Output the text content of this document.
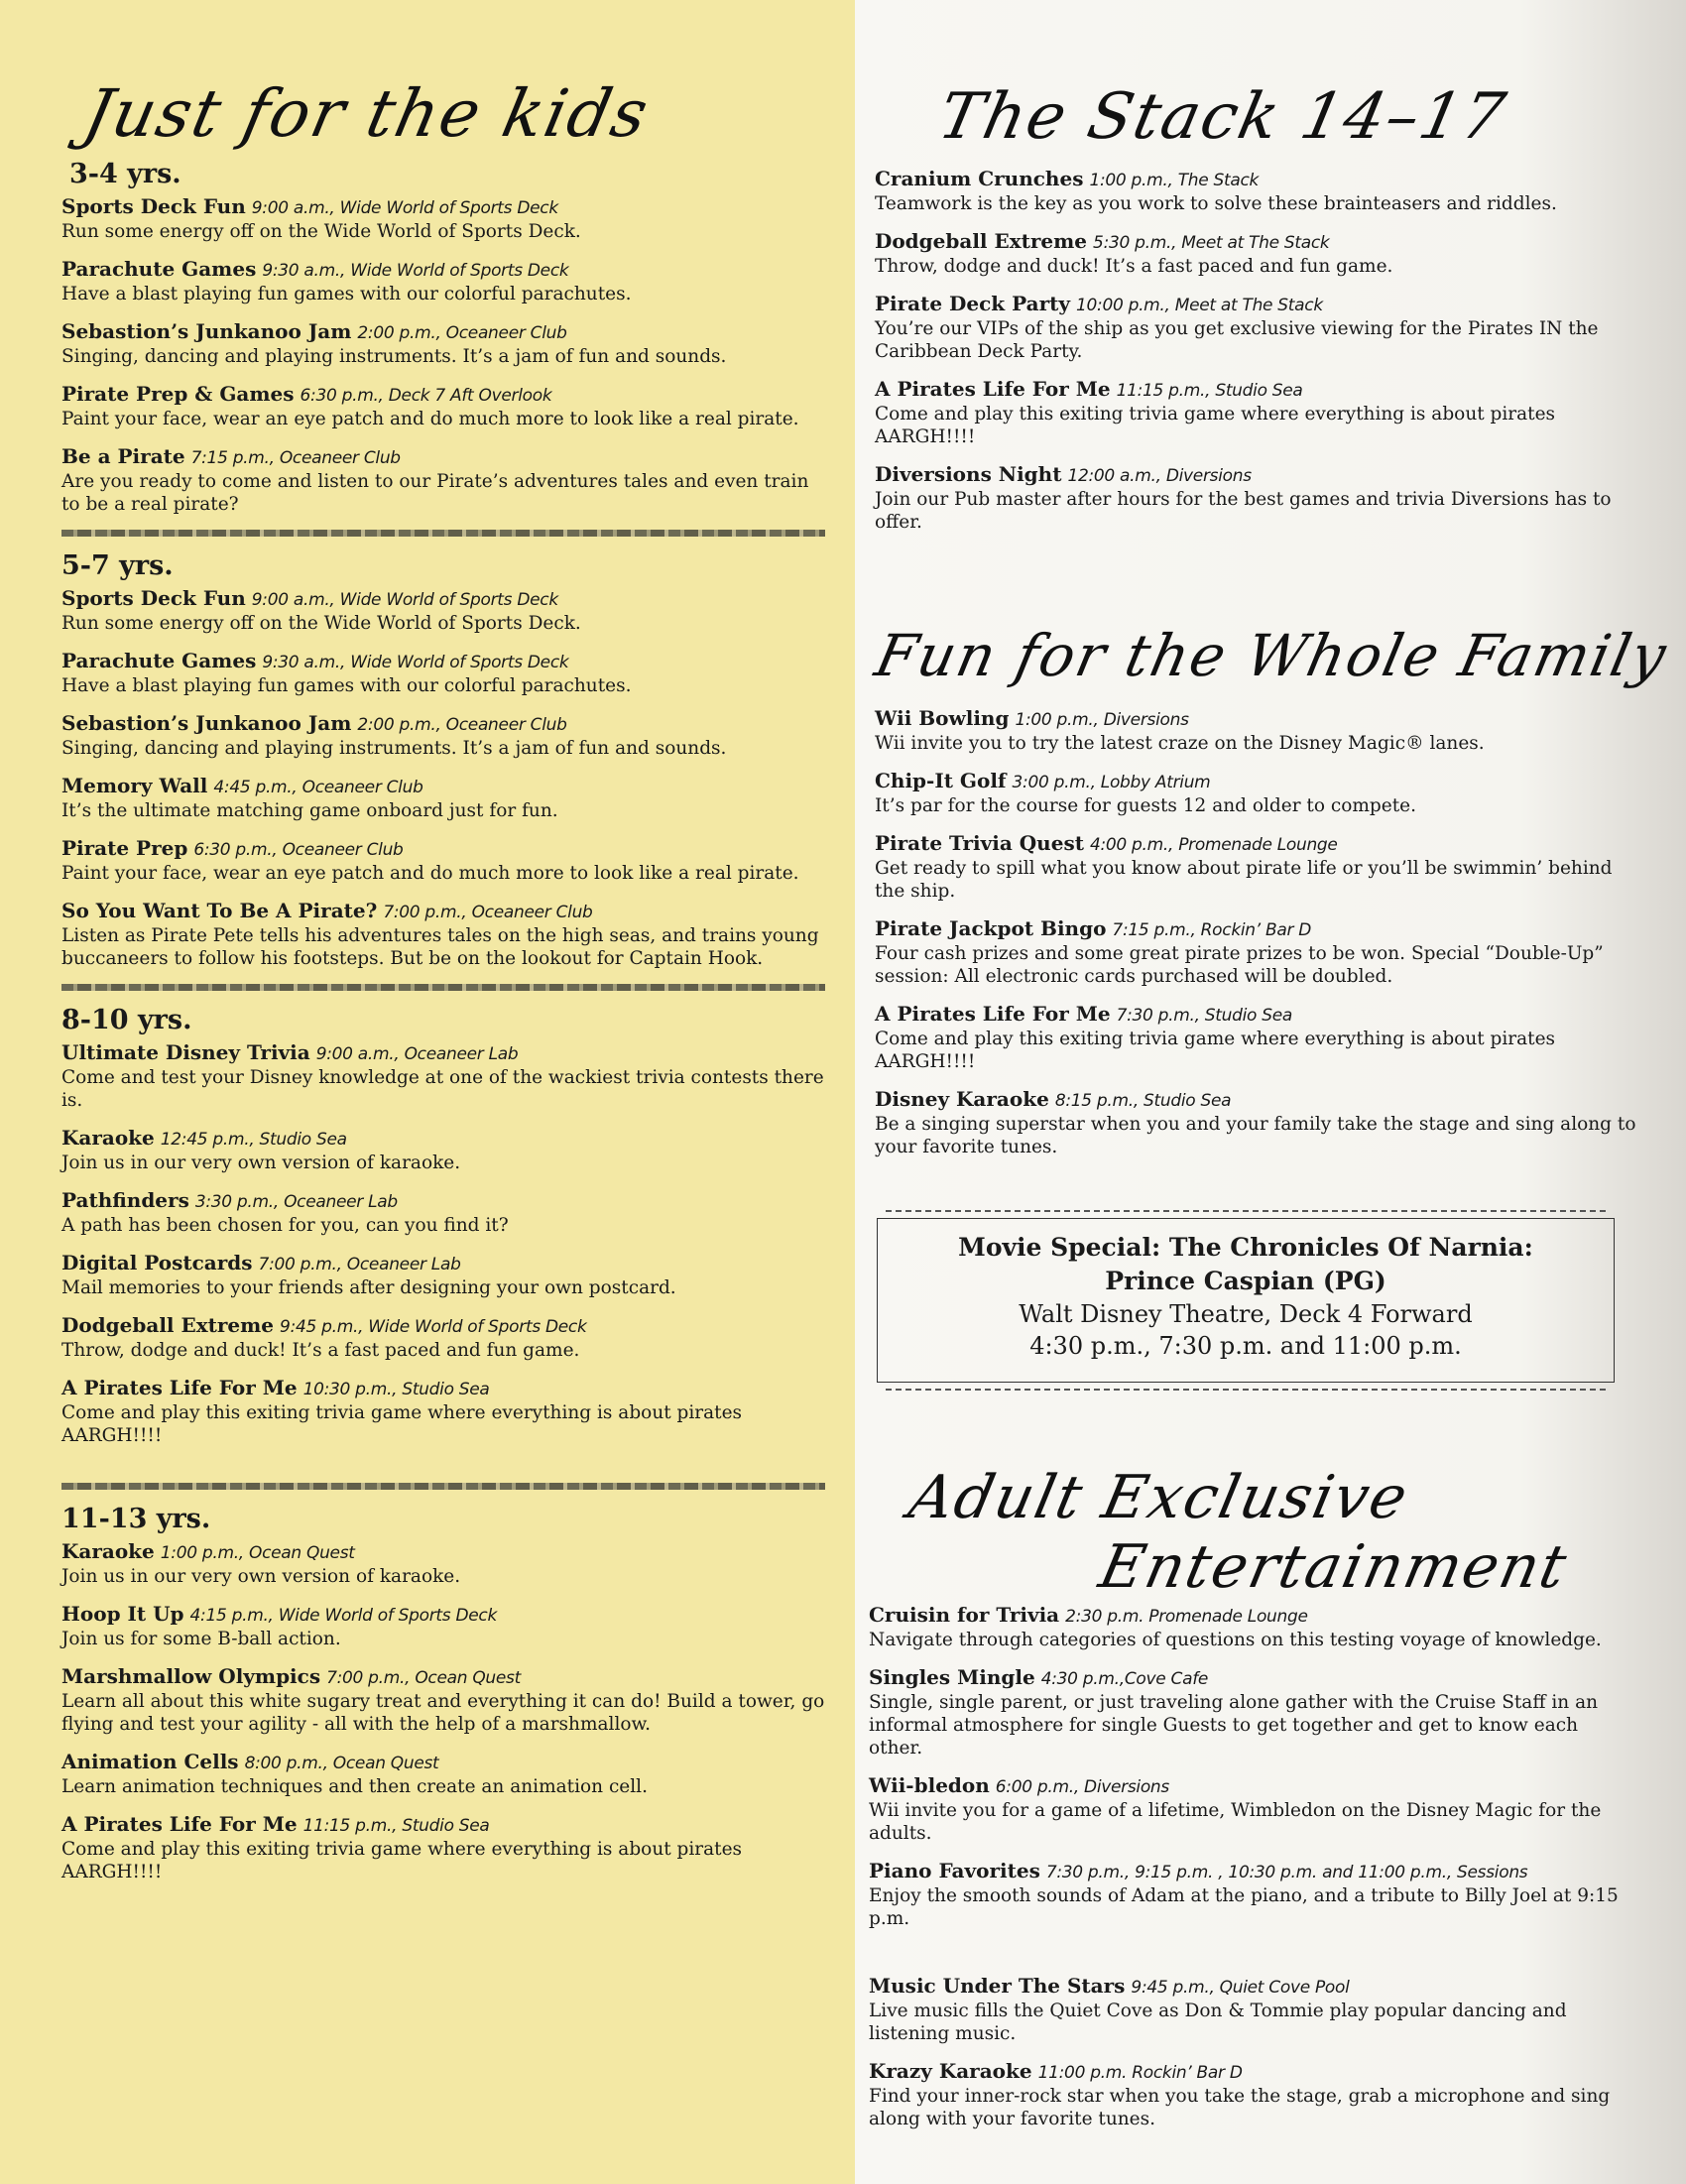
Just for the kids
3-4 yrs.
Sports Deck Fun 9:00 a.m., Wide World of Sports Deck
Run some energy off on the Wide World of Sports Deck.
Parachute Games 9:30 a.m., Wide World of Sports Deck
Have a blast playing fun games with our colorful parachutes.
Sebastion’s Junkanoo Jam 2:00 p.m., Oceaneer Club
Singing, dancing and playing instruments. It’s a jam of fun and sounds.
Pirate Prep & Games 6:30 p.m., Deck 7 Aft Overlook
Paint your face, wear an eye patch and do much more to look like a real pirate.
Be a Pirate 7:15 p.m., Oceaneer Club
Are you ready to come and listen to our Pirate’s adventures tales and even train to be a real pirate?
5-7 yrs.
Sports Deck Fun 9:00 a.m., Wide World of Sports Deck
Run some energy off on the Wide World of Sports Deck.
Parachute Games 9:30 a.m., Wide World of Sports Deck
Have a blast playing fun games with our colorful parachutes.
Sebastion’s Junkanoo Jam 2:00 p.m., Oceaneer Club
Singing, dancing and playing instruments. It’s a jam of fun and sounds.
Memory Wall 4:45 p.m., Oceaneer Club
It’s the ultimate matching game onboard just for fun.
Pirate Prep 6:30 p.m., Oceaneer Club
Paint your face, wear an eye patch and do much more to look like a real pirate.
So You Want To Be A Pirate? 7:00 p.m., Oceaneer Club
Listen as Pirate Pete tells his adventures tales on the high seas, and trains young buccaneers to follow his footsteps. But be on the lookout for Captain Hook.
8-10 yrs.
Ultimate Disney Trivia 9:00 a.m., Oceaneer Lab
Come and test your Disney knowledge at one of the wackiest trivia contests there is.
Karaoke 12:45 p.m., Studio Sea
Join us in our very own version of karaoke.
Pathfinders 3:30 p.m., Oceaneer Lab
A path has been chosen for you, can you find it?
Digital Postcards 7:00 p.m., Oceaneer Lab
Mail memories to your friends after designing your own postcard.
Dodgeball Extreme 9:45 p.m., Wide World of Sports Deck
Throw, dodge and duck! It’s a fast paced and fun game.
A Pirates Life For Me 10:30 p.m., Studio Sea
Come and play this exiting trivia game where everything is about pirates AARGH!!!!
11-13 yrs.
Karaoke 1:00 p.m., Ocean Quest
Join us in our very own version of karaoke.
Hoop It Up 4:15 p.m., Wide World of Sports Deck
Join us for some B-ball action.
Marshmallow Olympics 7:00 p.m., Ocean Quest
Learn all about this white sugary treat and everything it can do! Build a tower, go flying and test your agility - all with the help of a marshmallow.
Animation Cells 8:00 p.m., Ocean Quest
Learn animation techniques and then create an animation cell.
A Pirates Life For Me 11:15 p.m., Studio Sea
Come and play this exiting trivia game where everything is about pirates AARGH!!!!
The Stack 14–17
Cranium Crunches 1:00 p.m., The Stack
Teamwork is the key as you work to solve these brainteasers and riddles.
Dodgeball Extreme 5:30 p.m., Meet at The Stack
Throw, dodge and duck! It’s a fast paced and fun game.
Pirate Deck Party 10:00 p.m., Meet at The Stack
You’re our VIPs of the ship as you get exclusive viewing for the Pirates IN the Caribbean Deck Party.
A Pirates Life For Me 11:15 p.m., Studio Sea
Come and play this exiting trivia game where everything is about pirates AARGH!!!!
Diversions Night 12:00 a.m., Diversions
Join our Pub master after hours for the best games and trivia Diversions has to offer.
Fun for the Whole Family
Wii Bowling 1:00 p.m., Diversions
Wii invite you to try the latest craze on the Disney Magic® lanes.
Chip-It Golf 3:00 p.m., Lobby Atrium
It’s par for the course for guests 12 and older to compete.
Pirate Trivia Quest 4:00 p.m., Promenade Lounge
Get ready to spill what you know about pirate life or you’ll be swimmin’ behind the ship.
Pirate Jackpot Bingo 7:15 p.m., Rockin’ Bar D
Four cash prizes and some great pirate prizes to be won. Special “Double-Up” session: All electronic cards purchased will be doubled.
A Pirates Life For Me 7:30 p.m., Studio Sea
Come and play this exiting trivia game where everything is about pirates AARGH!!!!
Disney Karaoke 8:15 p.m., Studio Sea
Be a singing superstar when you and your family take the stage and sing along to your favorite tunes.
Movie Special: The Chronicles Of Narnia:
Prince Caspian (PG)
Walt Disney Theatre, Deck 4 Forward
4:30 p.m., 7:30 p.m. and 11:00 p.m.
Adult Exclusive
Entertainment
Cruisin for Trivia 2:30 p.m. Promenade Lounge
Navigate through categories of questions on this testing voyage of knowledge.
Singles Mingle 4:30 p.m.,Cove Cafe
Single, single parent, or just traveling alone gather with the Cruise Staff in an informal atmosphere for single Guests to get together and get to know each other.
Wii-bledon 6:00 p.m., Diversions
Wii invite you for a game of a lifetime, Wimbledon on the Disney Magic for the adults.
Piano Favorites 7:30 p.m., 9:15 p.m. , 10:30 p.m. and 11:00 p.m., Sessions
Enjoy the smooth sounds of Adam at the piano, and a tribute to Billy Joel at 9:15 p.m.
Music Under The Stars 9:45 p.m., Quiet Cove Pool
Live music fills the Quiet Cove as Don & Tommie play popular dancing and listening music.
Krazy Karaoke 11:00 p.m. Rockin’ Bar D
Find your inner-rock star when you take the stage, grab a microphone and sing along with your favorite tunes.
